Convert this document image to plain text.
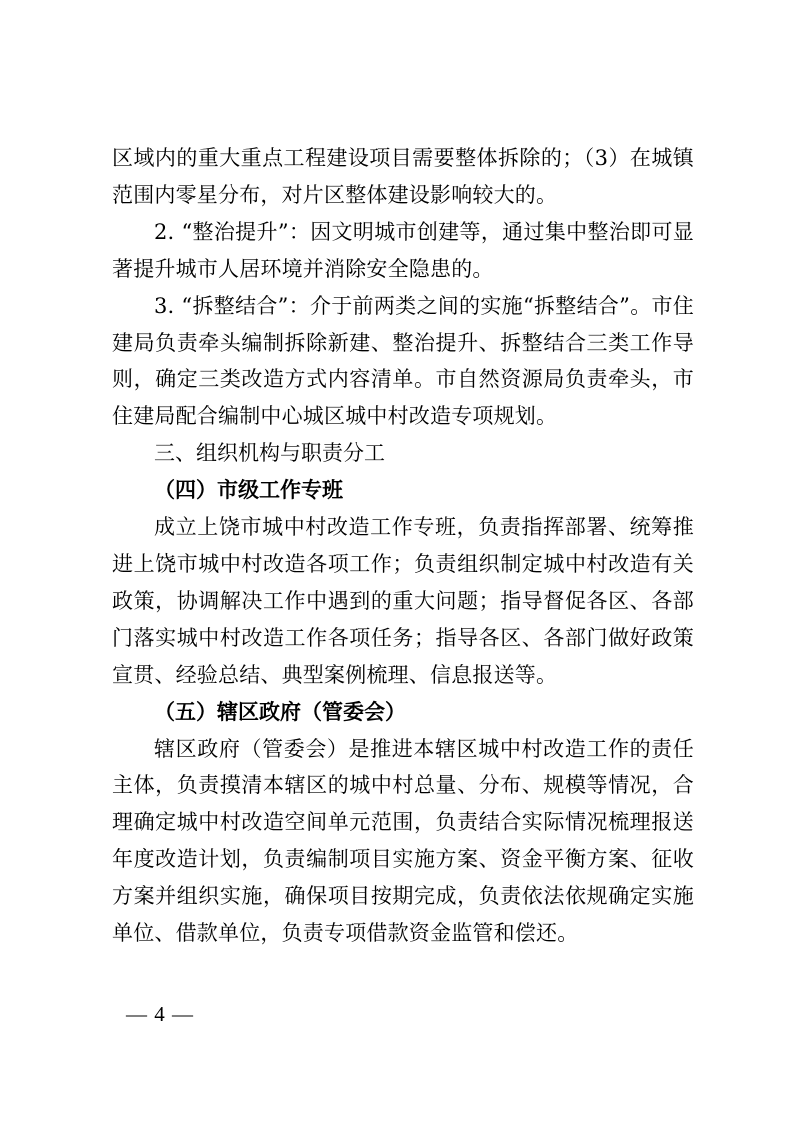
区域内的重大重点工程建设项目需要整体拆除的；（3）在城镇范围内零星分布，对片区整体建设影响较大的。

2. “整治提升”：因文明城市创建等，通过集中整治即可显著提升城市人居环境并消除安全隐患的。

3. “拆整结合”：介于前两类之间的实施“拆整结合”。市住建局负责牵头编制拆除新建、整治提升、拆整结合三类工作导则，确定三类改造方式内容清单。市自然资源局负责牵头，市住建局配合编制中心城区城中村改造专项规划。

三、组织机构与职责分工

（四）市级工作专班

成立上饶市城中村改造工作专班，负责指挥部署、统筹推进上饶市城中村改造各项工作；负责组织制定城中村改造有关政策，协调解决工作中遇到的重大问题；指导督促各区、各部门落实城中村改造工作各项任务；指导各区、各部门做好政策宣贯、经验总结、典型案例梳理、信息报送等。

（五）辖区政府（管委会）

辖区政府（管委会）是推进本辖区城中村改造工作的责任主体，负责摸清本辖区的城中村总量、分布、规模等情况，合理确定城中村改造空间单元范围，负责结合实际情况梳理报送年度改造计划，负责编制项目实施方案、资金平衡方案、征收方案并组织实施，确保项目按期完成，负责依法依规确定实施单位、借款单位，负责专项借款资金监管和偿还。

— 4 —
